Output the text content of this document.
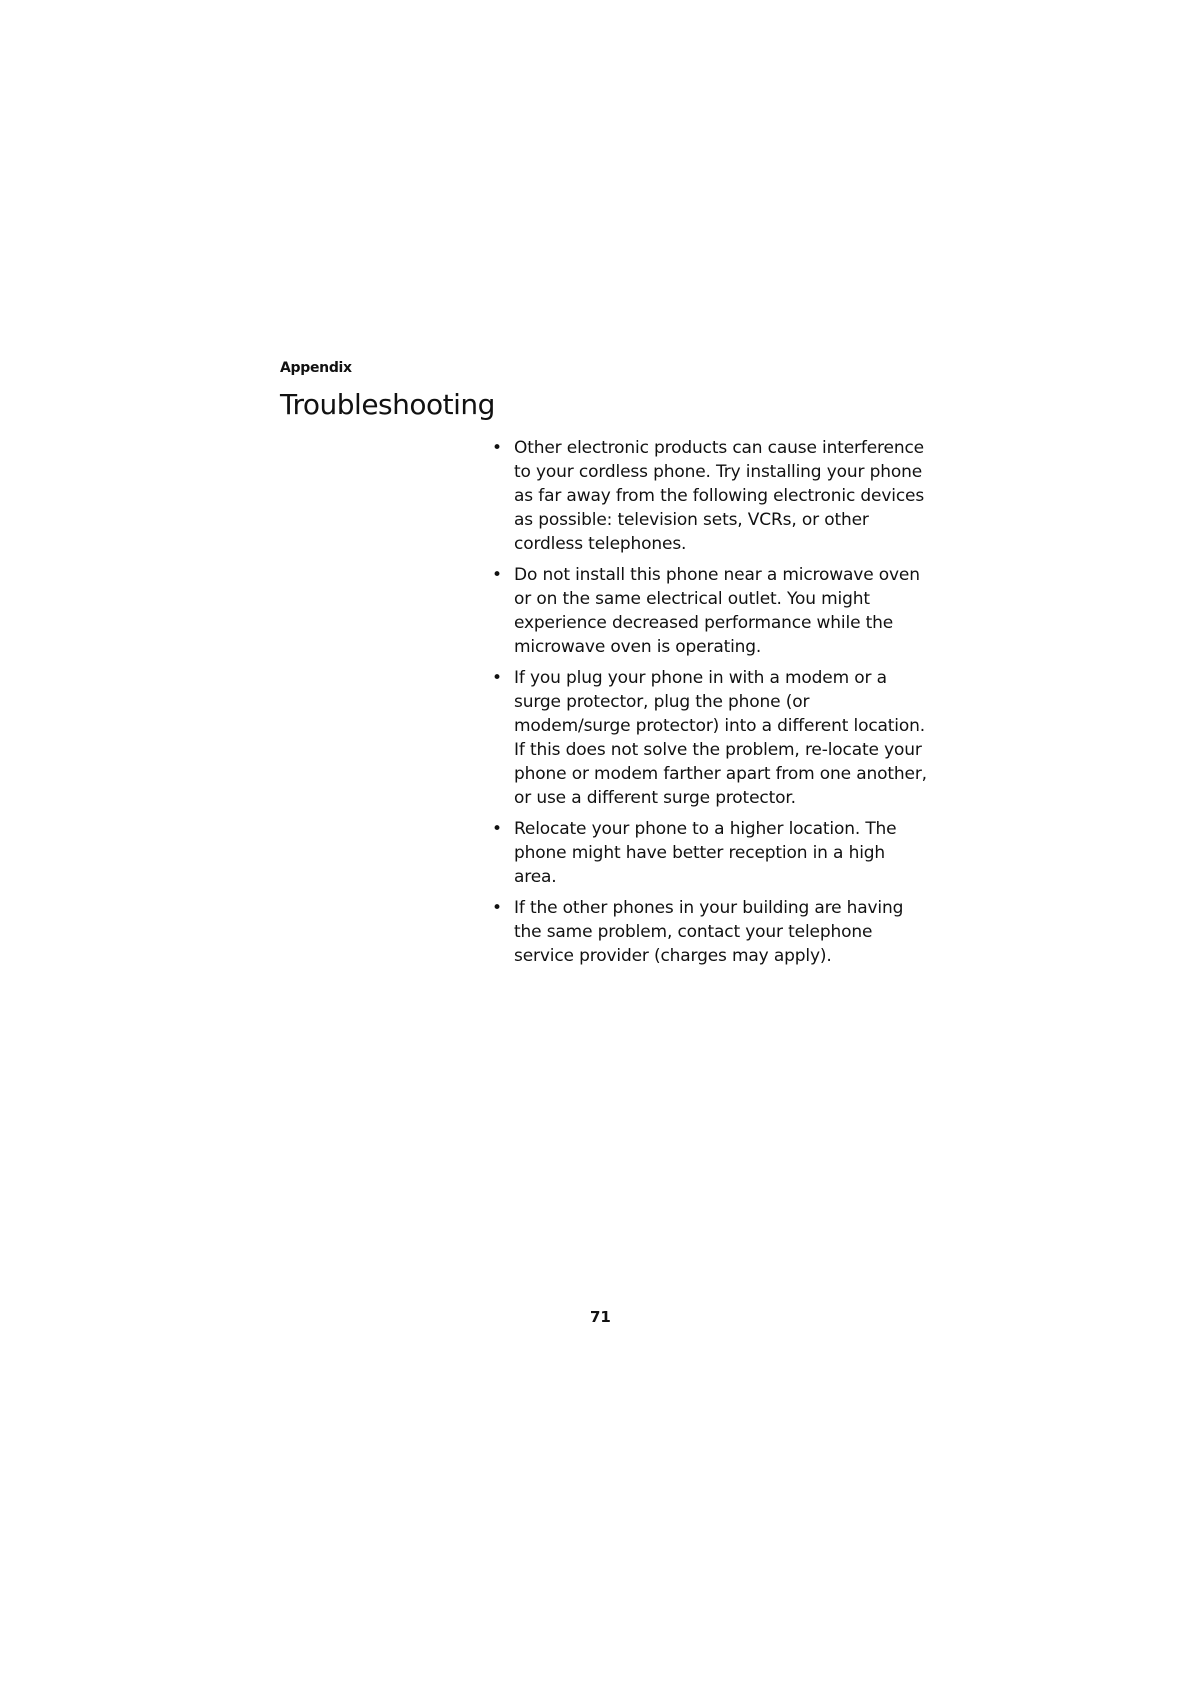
Appendix
Troubleshooting
• Other electronic products can cause interference to your cordless phone. Try installing your phone as far away from the following electronic devices as possible: television sets, VCRs, or other cordless telephones.
• Do not install this phone near a microwave oven or on the same electrical outlet. You might experience decreased performance while the microwave oven is operating.
• If you plug your phone in with a modem or a surge protector, plug the phone (or modem/surge protector) into a different location. If this does not solve the problem, re-locate your phone or modem farther apart from one another, or use a different surge protector.
• Relocate your phone to a higher location. The phone might have better reception in a high area.
• If the other phones in your building are having the same problem, contact your telephone service provider (charges may apply).
71
